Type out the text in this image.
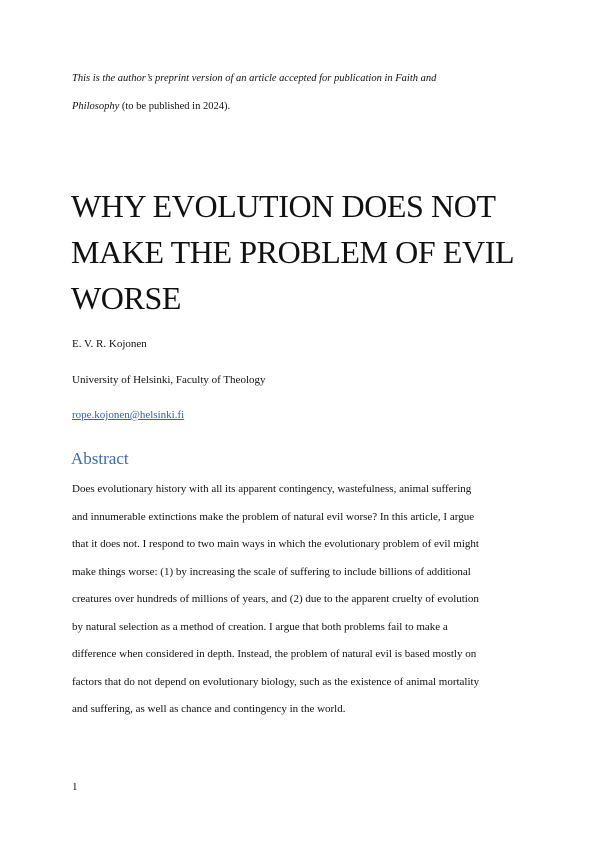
This is the author’s preprint version of an article accepted for publication in Faith and

Philosophy (to be published in 2024).

WHY EVOLUTION DOES NOT
MAKE THE PROBLEM OF EVIL
WORSE

E. V. R. Kojonen

University of Helsinki, Faculty of Theology

rope.kojonen@helsinki.fi

Abstract

Does evolutionary history with all its apparent contingency, wastefulness, animal suffering
and innumerable extinctions make the problem of natural evil worse? In this article, I argue
that it does not. I respond to two main ways in which the evolutionary problem of evil might
make things worse: (1) by increasing the scale of suffering to include billions of additional
creatures over hundreds of millions of years, and (2) due to the apparent cruelty of evolution
by natural selection as a method of creation. I argue that both problems fail to make a
difference when considered in depth. Instead, the problem of natural evil is based mostly on
factors that do not depend on evolutionary biology, such as the existence of animal mortality
and suffering, as well as chance and contingency in the world.

1
